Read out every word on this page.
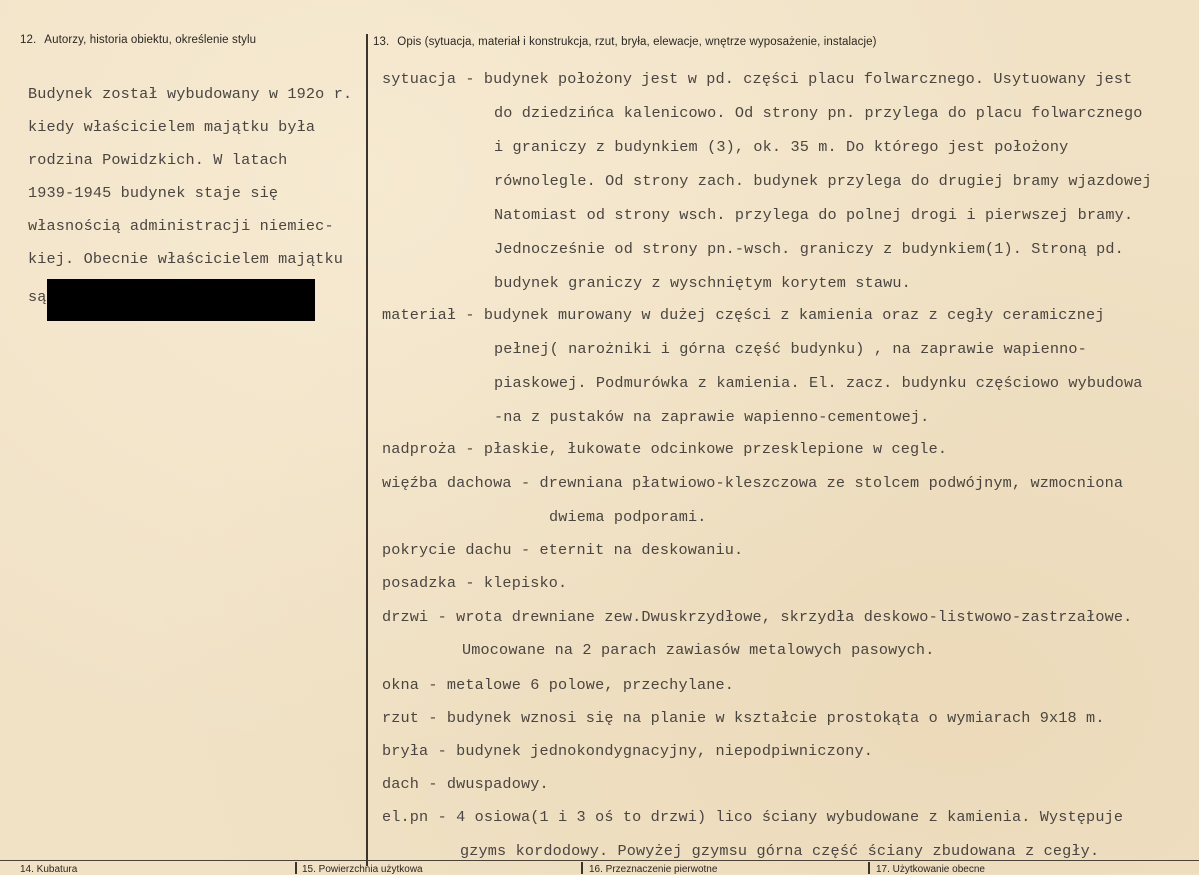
12. Autorzy, historia obiektu, określenie stylu	13. Opis (sytuacja, materiał i konstrukcja, rzut, bryła, elewacje, wnętrze wyposażenie, instalacje)
Budynek został wybudowany w 192o r.
kiedy właścicielem majątku była
rodzina Powidzkich. W latach
1939-1945 budynek staje się
własnością administracji niemiec-
kiej. Obecnie właścicielem majątku
są
sytuacja - budynek położony jest w pd. części placu folwarcznego. Usytuowany jest
do dziedzińca kalenicowo. Od strony pn. przylega do placu folwarcznego
i graniczy z budynkiem (3), ok. 35 m. Do którego jest położony
równolegle. Od strony zach. budynek przylega do drugiej bramy wjazdowej
Natomiast od strony wsch. przylega do polnej drogi i pierwszej bramy.
Jednocześnie od strony pn.-wsch. graniczy z budynkiem(1). Stroną pd.
budynek graniczy z wyschniętym korytem stawu.
materiał - budynek murowany w dużej części z kamienia oraz z cegły ceramicznej
pełnej( narożniki i górna część budynku) , na zaprawie wapienno-
piaskowej. Podmurówka z kamienia. El. zacz. budynku częściowo wybudowa
-na z pustaków na zaprawie wapienno-cementowej.
nadproża - płaskie, łukowate odcinkowe przesklepione w cegle.
więźba dachowa - drewniana płatwiowo-kleszczowa ze stolcem podwójnym, wzmocniona
dwiema podporami.
pokrycie dachu - eternit na deskowaniu.
posadzka - klepisko.
drzwi - wrota drewniane zew.Dwuskrzydłowe, skrzydła deskowo-listwowo-zastrzałowe.
Umocowane na 2 parach zawiasów metalowych pasowych.
okna - metalowe 6 polowe, przechylane.
rzut - budynek wznosi się na planie w kształcie prostokąta o wymiarach 9x18 m.
bryła - budynek jednokondygnacyjny, niepodpiwniczony.
dach - dwuspadowy.
el.pn - 4 osiowa(1 i 3 oś to drzwi) lico ściany wybudowane z kamienia. Występuje
gzyms kordodowy. Powyżej gzymsu górna część ściany zbudowana z cegły.
14. Kubatura	15. Powierzchnia użytkowa	16. Przeznaczenie pierwotne	17. Użytkowanie obecne
